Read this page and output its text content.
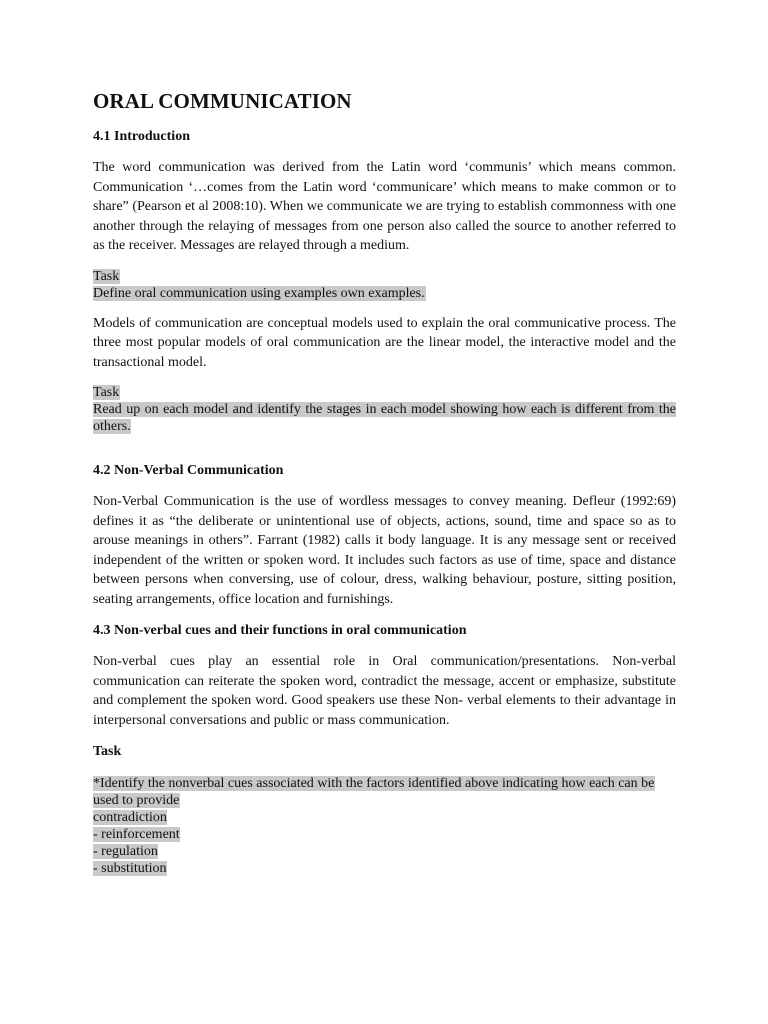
ORAL COMMUNICATION
4.1 Introduction

The word communication was derived from the Latin word ‘communis’ which means common. Communication ‘…comes from the Latin word ‘communicare’ which means to make common or to share” (Pearson et al 2008:10). When we communicate we are trying to establish commonness with one another through the relaying of messages from one person also called the source to another referred to as the receiver. Messages are relayed through a medium.

Task
Define oral communication using examples own examples.

Models of communication are conceptual models used to explain the oral communicative process. The three most popular models of oral communication are the linear model, the interactive model and the transactional model.

Task
Read up on each model and identify the stages in each model showing how each is different from the others.
4.2 Non-Verbal Communication

Non-Verbal Communication is the use of wordless messages to convey meaning. Defleur (1992:69) defines it as “the deliberate or unintentional use of objects, actions, sound, time and space so as to arouse meanings in others”. Farrant (1982) calls it body language. It is any message sent or received independent of the written or spoken word. It includes such factors as use of time, space and distance between persons when conversing, use of colour, dress, walking behaviour, posture, sitting position, seating arrangements, office location and furnishings.

4.3 Non-verbal cues and their functions in oral communication

Non-verbal cues play an essential role in Oral communication/presentations. Non-verbal communication can reiterate the spoken word, contradict the message, accent or emphasize, substitute and complement the spoken word. Good speakers use these Non- verbal elements to their advantage in interpersonal conversations and public or mass communication.

Task
*Identify the nonverbal cues associated with the factors identified above indicating how each can be used to provide
contradiction
- reinforcement
- regulation
- substitution
